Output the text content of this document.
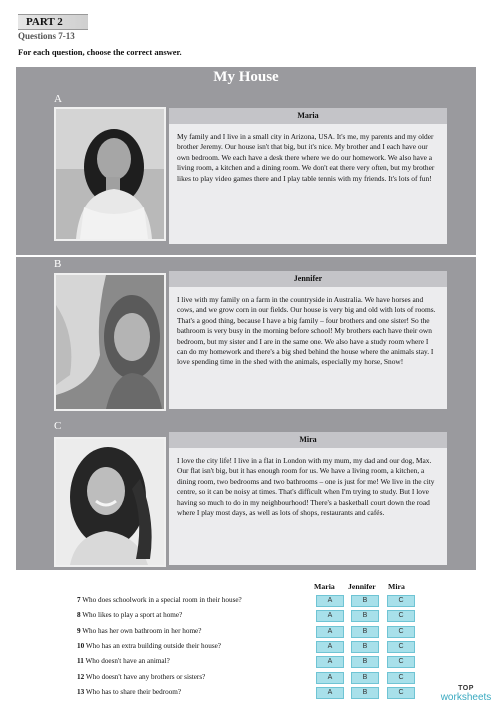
PART 2
Questions 7-13
For each question, choose the correct answer.
My House
A
Maria
My family and I live in a small city in Arizona, USA. It's me, my parents and my older brother Jeremy. Our house isn't that big, but it's nice. My brother and I each have our own bedroom. We each have a desk there where we do our homework. We also have a living room, a kitchen and a dining room. We don't eat there very often, but my brother likes to play video games there and I play table tennis with my friends. It's lots of fun!
B
Jennifer
I live with my family on a farm in the countryside in Australia. We have horses and cows, and we grow corn in our fields. Our house is very big and old with lots of rooms. That's a good thing, because I have a big family – four brothers and one sister! So the bathroom is very busy in the morning before school! My brothers each have their own bedroom, but my sister and I are in the same one. We also have a study room where I can do my homework and there's a big shed behind the house where the animals stay. I love spending time in the shed with the animals, especially my horse, Snow!
C
Mira
I love the city life! I live in a flat in London with my mum, my dad and our dog, Max. Our flat isn't big, but it has enough room for us. We have a living room, a kitchen, a dining room, two bedrooms and two bathrooms – one is just for me! We live in the city centre, so it can be noisy at times. That's difficult when I'm trying to study. But I love having so much to do in my neighbourhood! There's a basketball court down the road where I play most days, as well as lots of shops, restaurants and cafés.
Maria Jennifer Mira
7 Who does schoolwork in a special room in their house?	A	B	C
8 Who likes to play a sport at home?	A	B	C
9 Who has her own bathroom in her home?	A	B	C
10 Who has an extra building outside their house?	A	B	C
11 Who doesn't have an animal?	A	B	C
12 Who doesn't have any brothers or sisters?	A	B	C
13 Who has to share their bedroom?	A	B	C
TOP
worksheets
